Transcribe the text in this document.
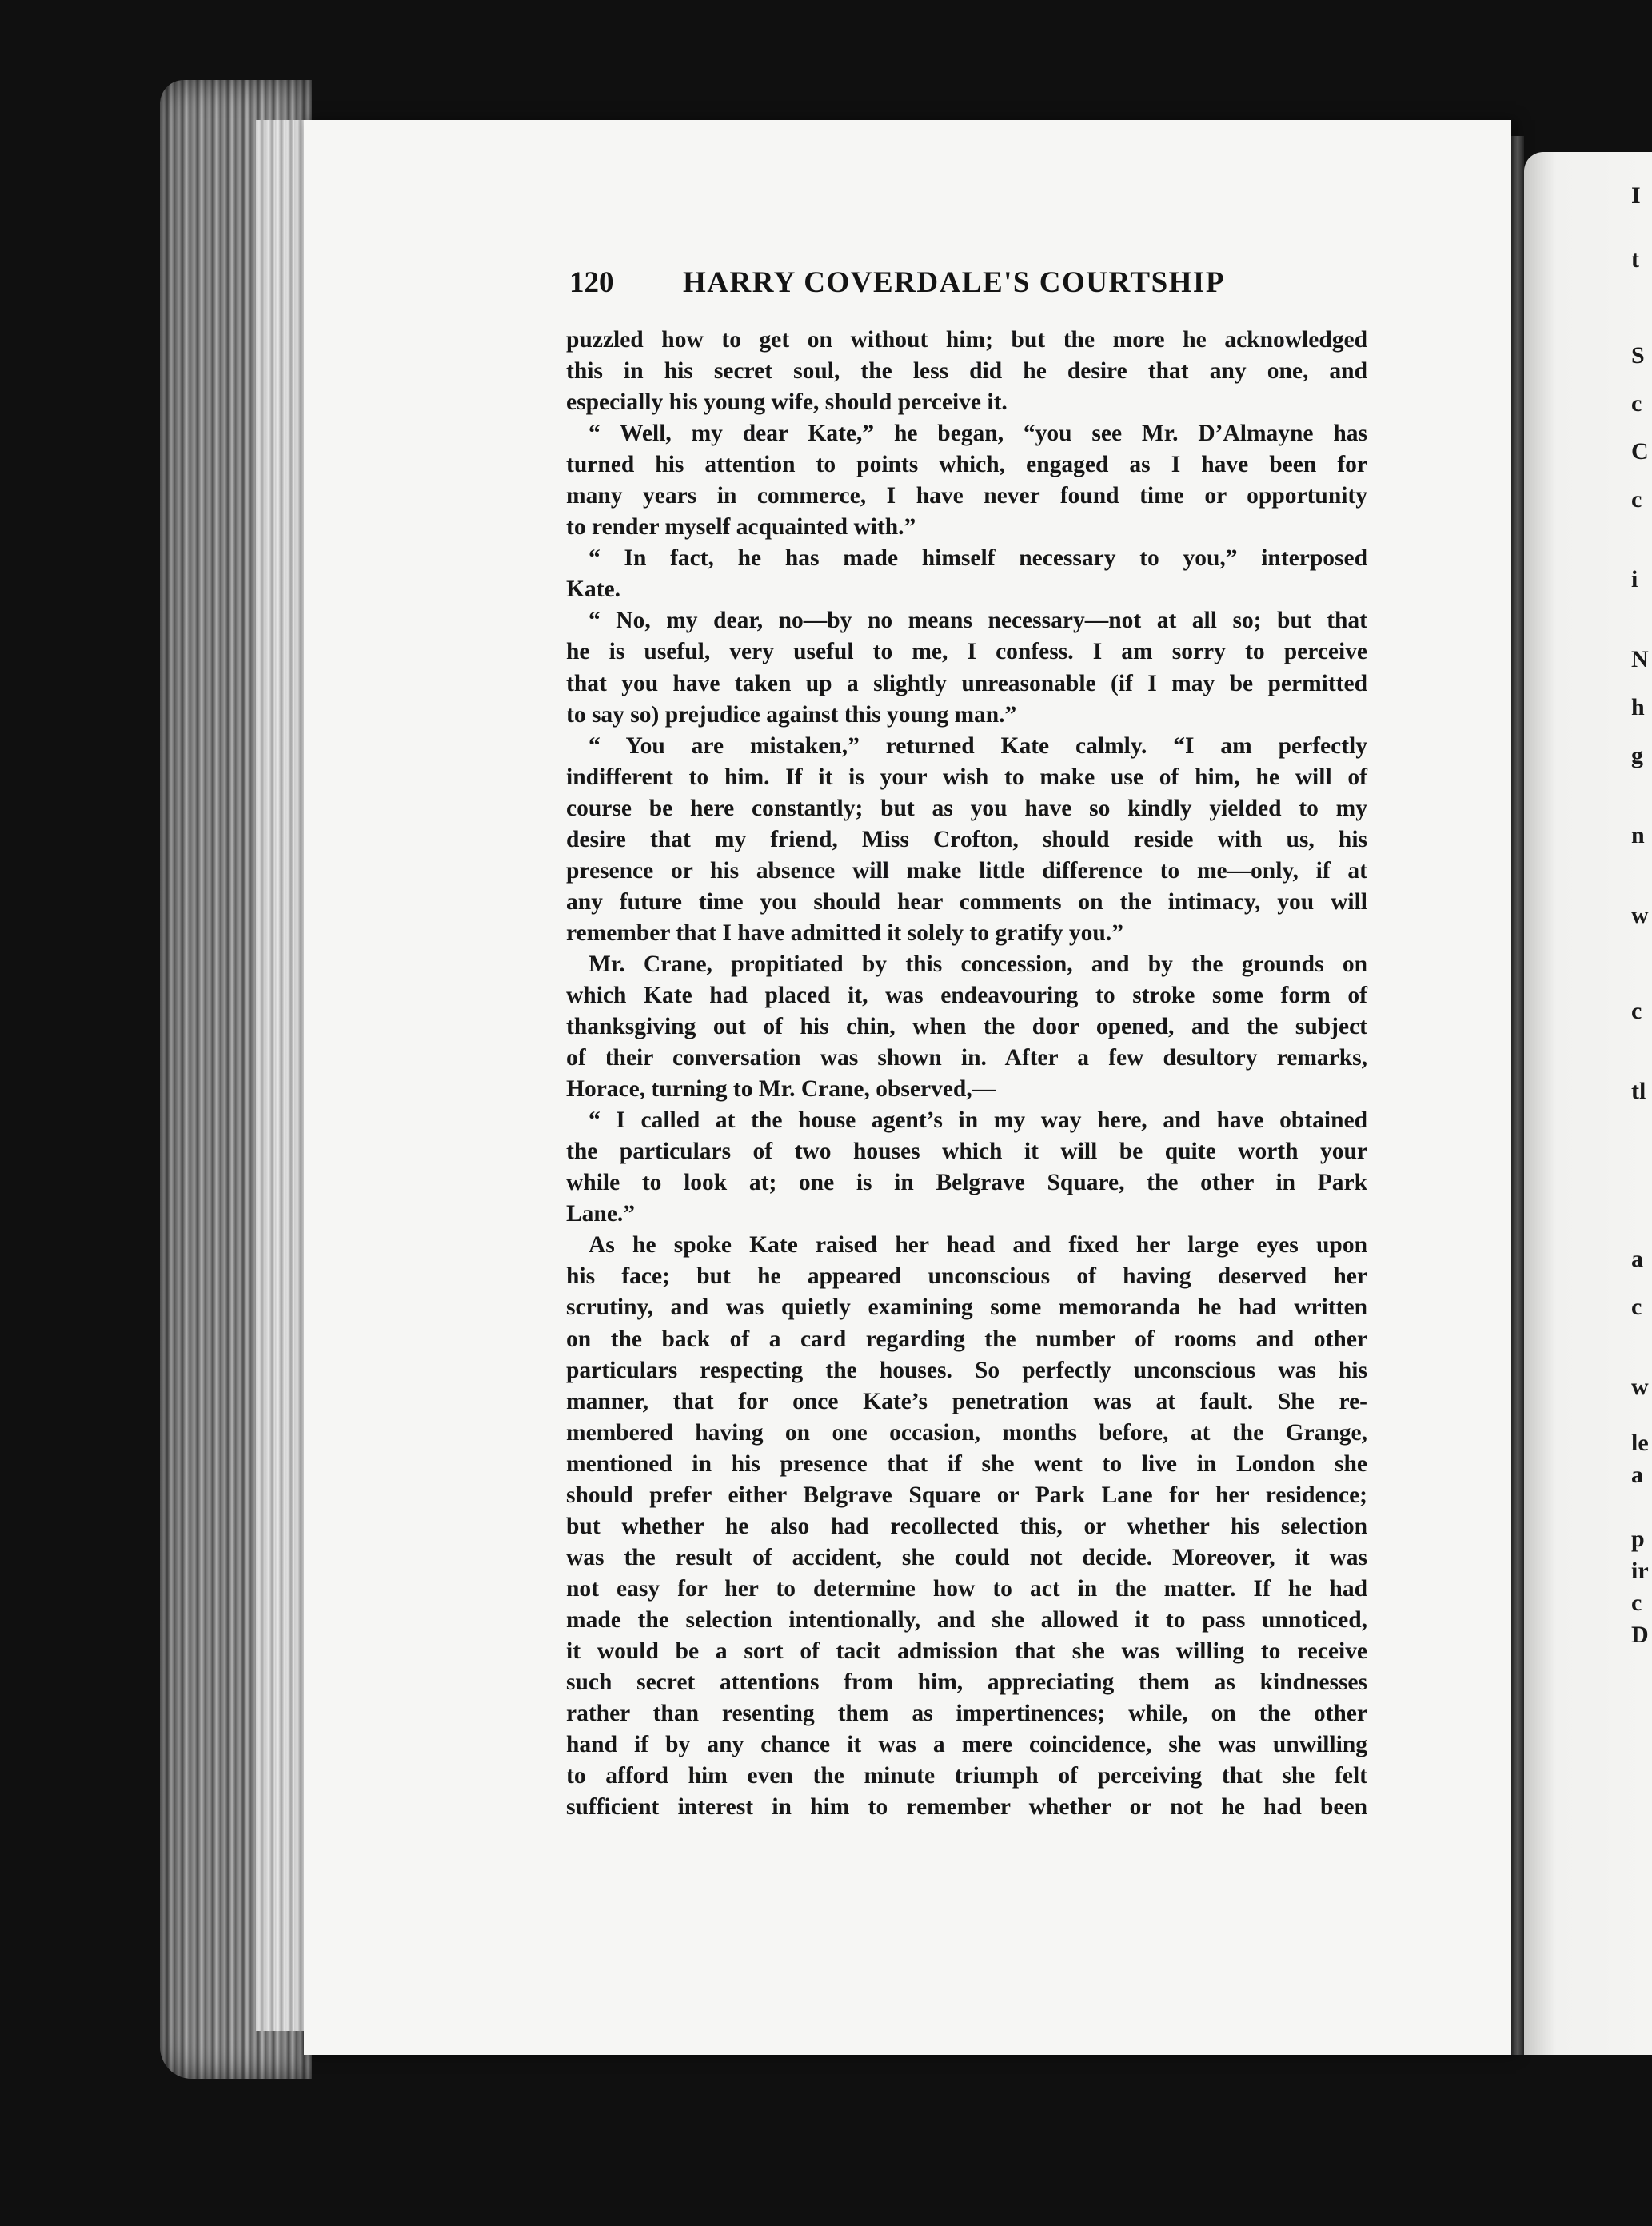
I
t
S
c
C
c
i
N
h
g
n
w
c
tl
a
c
w
le
a
p
ir
c
D
120 HARRY COVERDALE'S COURTSHIP
puzzled how to get on without him; but the more he acknowledged
this in his secret soul, the less did he desire that any one, and
especially his young wife, should perceive it.
“ Well, my dear Kate,” he began, “you see Mr. D’Almayne has
turned his attention to points which, engaged as I have been for
many years in commerce, I have never found time or opportunity
to render myself acquainted with.”
“ In fact, he has made himself necessary to you,” interposed
Kate.
“ No, my dear, no—by no means necessary—not at all so; but that
he is useful, very useful to me, I confess. I am sorry to perceive
that you have taken up a slightly unreasonable (if I may be permitted
to say so) prejudice against this young man.”
“ You are mistaken,” returned Kate calmly. “I am perfectly
indifferent to him. If it is your wish to make use of him, he will of
course be here constantly; but as you have so kindly yielded to my
desire that my friend, Miss Crofton, should reside with us, his
presence or his absence will make little difference to me—only, if at
any future time you should hear comments on the intimacy, you will
remember that I have admitted it solely to gratify you.”
Mr. Crane, propitiated by this concession, and by the grounds on
which Kate had placed it, was endeavouring to stroke some form of
thanksgiving out of his chin, when the door opened, and the subject
of their conversation was shown in. After a few desultory remarks,
Horace, turning to Mr. Crane, observed,—
“ I called at the house agent’s in my way here, and have obtained
the particulars of two houses which it will be quite worth your
while to look at; one is in Belgrave Square, the other in Park
Lane.”
As he spoke Kate raised her head and fixed her large eyes upon
his face; but he appeared unconscious of having deserved her
scrutiny, and was quietly examining some memoranda he had written
on the back of a card regarding the number of rooms and other
particulars respecting the houses. So perfectly unconscious was his
manner, that for once Kate’s penetration was at fault. She re-
membered having on one occasion, months before, at the Grange,
mentioned in his presence that if she went to live in London she
should prefer either Belgrave Square or Park Lane for her residence;
but whether he also had recollected this, or whether his selection
was the result of accident, she could not decide. Moreover, it was
not easy for her to determine how to act in the matter. If he had
made the selection intentionally, and she allowed it to pass unnoticed,
it would be a sort of tacit admission that she was willing to receive
such secret attentions from him, appreciating them as kindnesses
rather than resenting them as impertinences; while, on the other
hand if by any chance it was a mere coincidence, she was unwilling
to afford him even the minute triumph of perceiving that she felt
sufficient interest in him to remember whether or not he had been
